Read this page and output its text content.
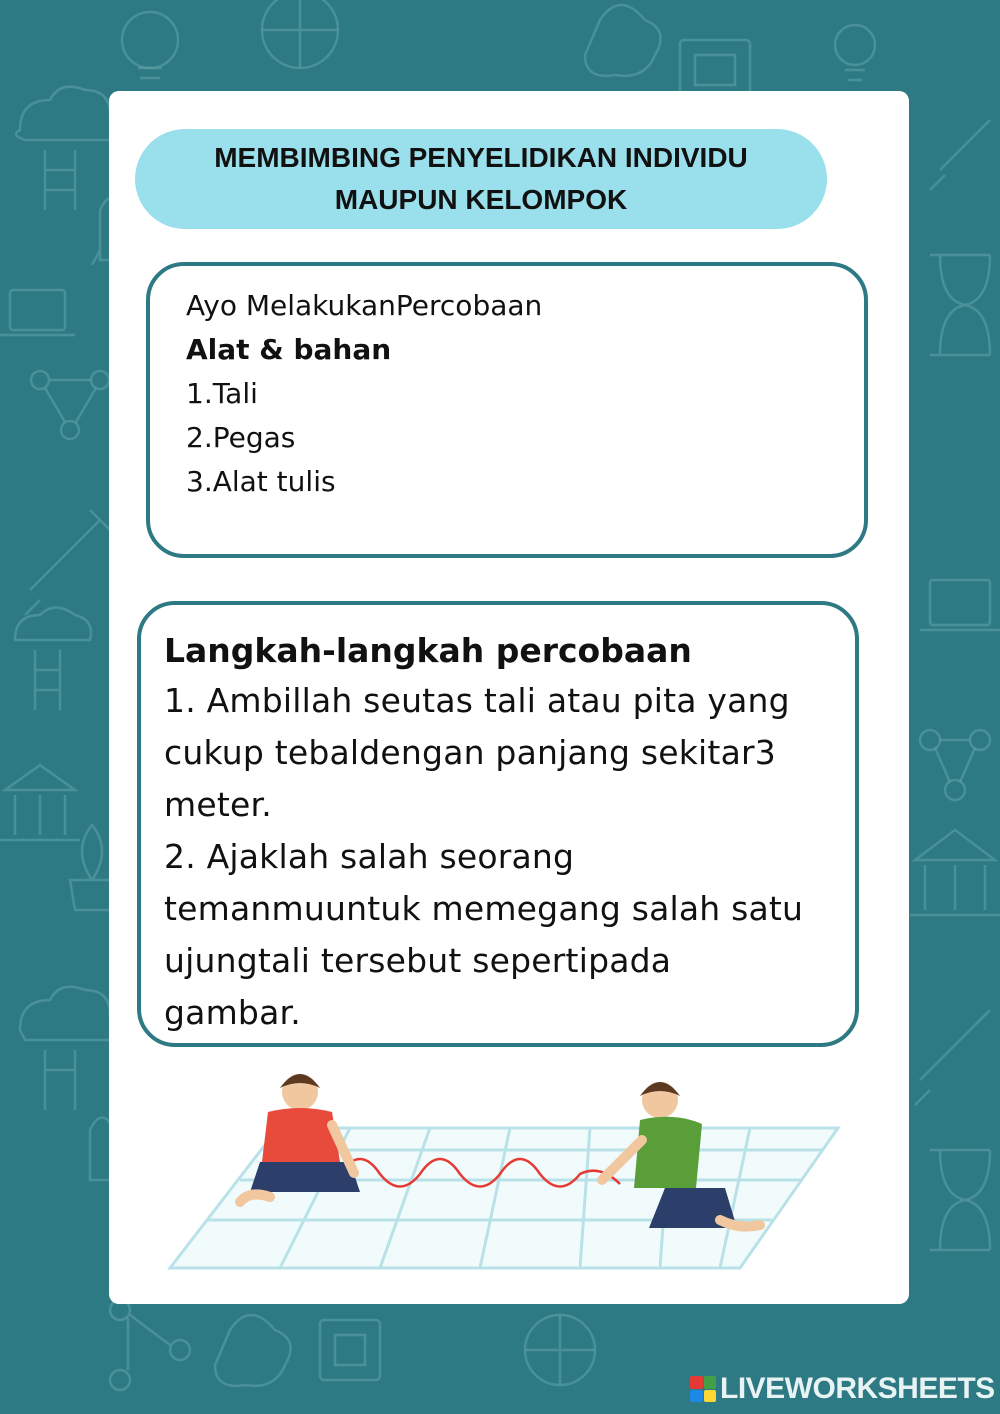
MEMBIMBING PENYELIDIKAN INDIVIDU
MAUPUN KELOMPOK
Ayo MelakukanPercobaan
Alat & bahan
1.Tali
2.Pegas
3.Alat tulis
Langkah-langkah percobaan
1. Ambillah seutas tali atau pita yang
cukup tebaldengan panjang sekitar3
meter.
2. Ajaklah salah seorang
temanmuuntuk memegang salah satu
ujungtali tersebut sepertipada
gambar.
LIVEWORKSHEETS
